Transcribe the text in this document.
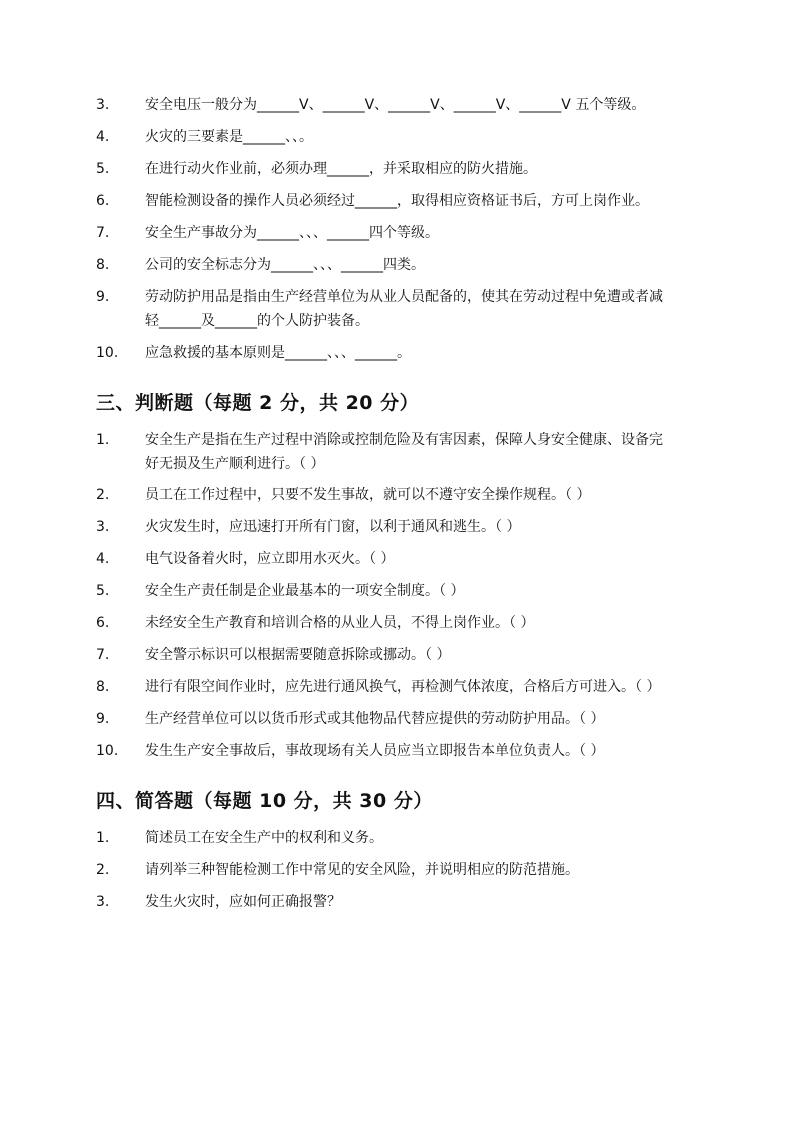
3.	安全电压一般分为______V、______V、______V、______V、______V 五个等级。
4.	火灾的三要素是______、、。
5.	在进行动火作业前，必须办理______，并采取相应的防火措施。
6.	智能检测设备的操作人员必须经过______，取得相应资格证书后，方可上岗作业。
7.	安全生产事故分为______、、、______四个等级。
8.	公司的安全标志分为______、、、______四类。
9.	劳动防护用品是指由生产经营单位为从业人员配备的，使其在劳动过程中免遭或者减
轻______及______的个人防护装备。
10. 应急救援的基本原则是______、、、______。
三、判断题（每题 2 分，共 20 分）
1.	安全生产是指在生产过程中消除或控制危险及有害因素，保障人身安全健康、设备完
好无损及生产顺利进行。（ ）
2.	员工在工作过程中，只要不发生事故，就可以不遵守安全操作规程。（ ）
3.	火灾发生时，应迅速打开所有门窗，以利于通风和逃生。（ ）
4.	电气设备着火时，应立即用水灭火。（ ）
5.	安全生产责任制是企业最基本的一项安全制度。（ ）
6.	未经安全生产教育和培训合格的从业人员，不得上岗作业。（ ）
7.	安全警示标识可以根据需要随意拆除或挪动。（ ）
8.	进行有限空间作业时，应先进行通风换气，再检测气体浓度，合格后方可进入。（ ）
9.	生产经营单位可以以货币形式或其他物品代替应提供的劳动防护用品。（ ）
10. 发生生产安全事故后，事故现场有关人员应当立即报告本单位负责人。（ ）
四、简答题（每题 10 分，共 30 分）
1.	简述员工在安全生产中的权利和义务。
2.	请列举三种智能检测工作中常见的安全风险，并说明相应的防范措施。
3.	发生火灾时，应如何正确报警？
